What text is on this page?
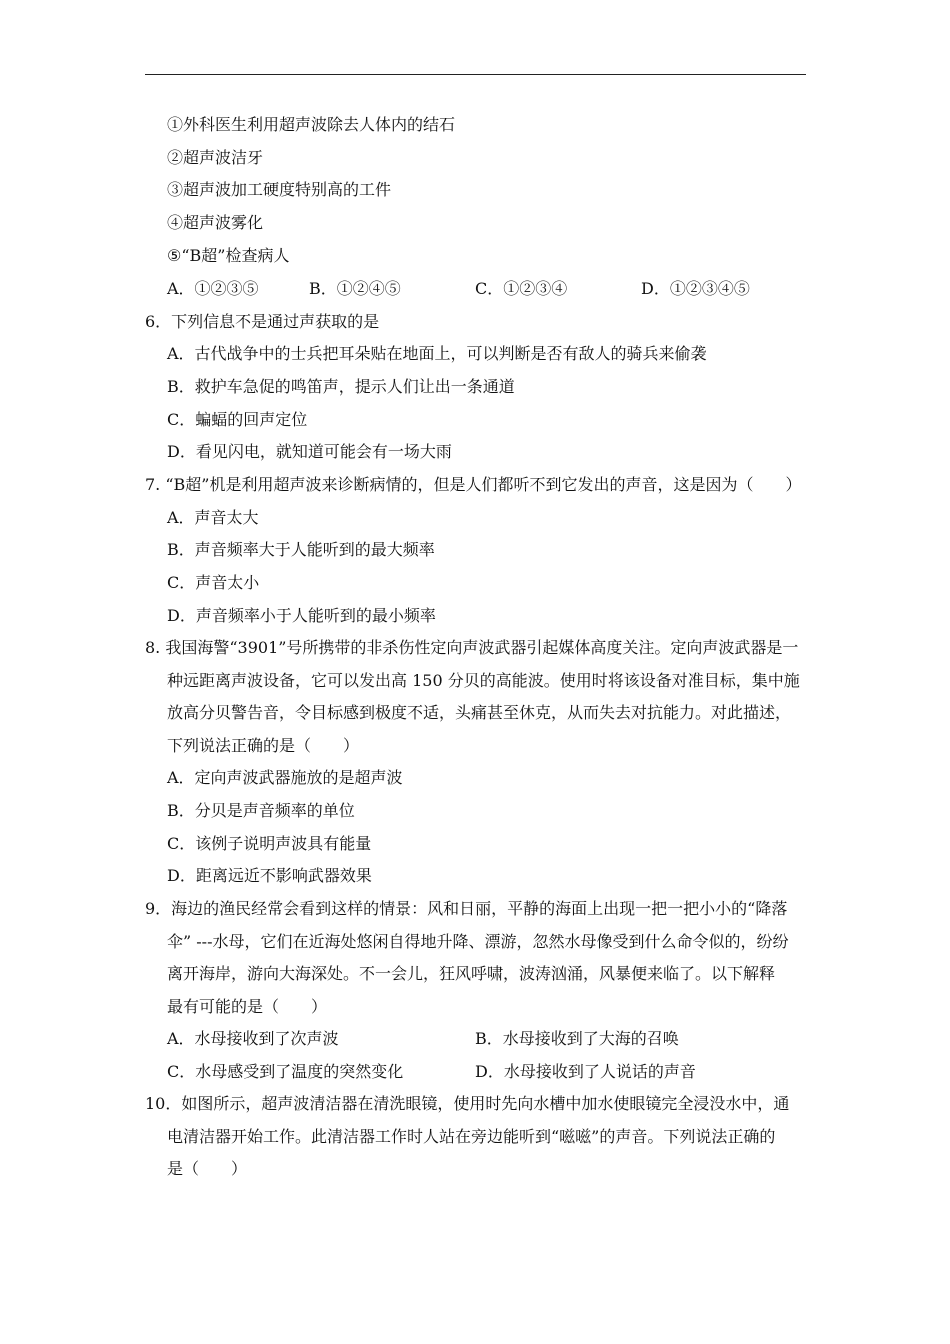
①外科医生利用超声波除去人体内的结石
②超声波洁牙
③超声波加工硬度特别高的工件
④超声波雾化
⑤“B超”检查病人
A．①②③⑤	B．①②④⑤	C．①②③④	D．①②③④⑤
6．下列信息不是通过声获取的是
A．古代战争中的士兵把耳朵贴在地面上，可以判断是否有敌人的骑兵来偷袭
B．救护车急促的鸣笛声，提示人们让出一条通道
C．蝙蝠的回声定位
D．看见闪电，就知道可能会有一场大雨
7. “B超”机是利用超声波来诊断病情的，但是人们都听不到它发出的声音，这是因为（　　）
A．声音太大
B．声音频率大于人能听到的最大频率
C．声音太小
D．声音频率小于人能听到的最小频率
8. 我国海警“3901”号所携带的非杀伤性定向声波武器引起媒体高度关注。定向声波武器是一
种远距离声波设备，它可以发出高 150 分贝的高能波。使用时将该设备对准目标，集中施
放高分贝警告音，令目标感到极度不适，头痛甚至休克，从而失去对抗能力。对此描述，
下列说法正确的是（　　）
A．定向声波武器施放的是超声波
B．分贝是声音频率的单位
C．该例子说明声波具有能量
D．距离远近不影响武器效果
9．海边的渔民经常会看到这样的情景：风和日丽，平静的海面上出现一把一把小小的“降落
伞” ---水母，它们在近海处悠闲自得地升降、漂游，忽然水母像受到什么命令似的，纷纷
离开海岸，游向大海深处。不一会儿，狂风呼啸，波涛汹涌，风暴便来临了。以下解释
最有可能的是（　　）
A．水母接收到了次声波	B．水母接收到了大海的召唤
C．水母感受到了温度的突然变化	D．水母接收到了人说话的声音
10．如图所示，超声波清洁器在清洗眼镜，使用时先向水槽中加水使眼镜完全浸没水中，通
电清洁器开始工作。此清洁器工作时人站在旁边能听到“嗞嗞”的声音。下列说法正确的
是（　　）
